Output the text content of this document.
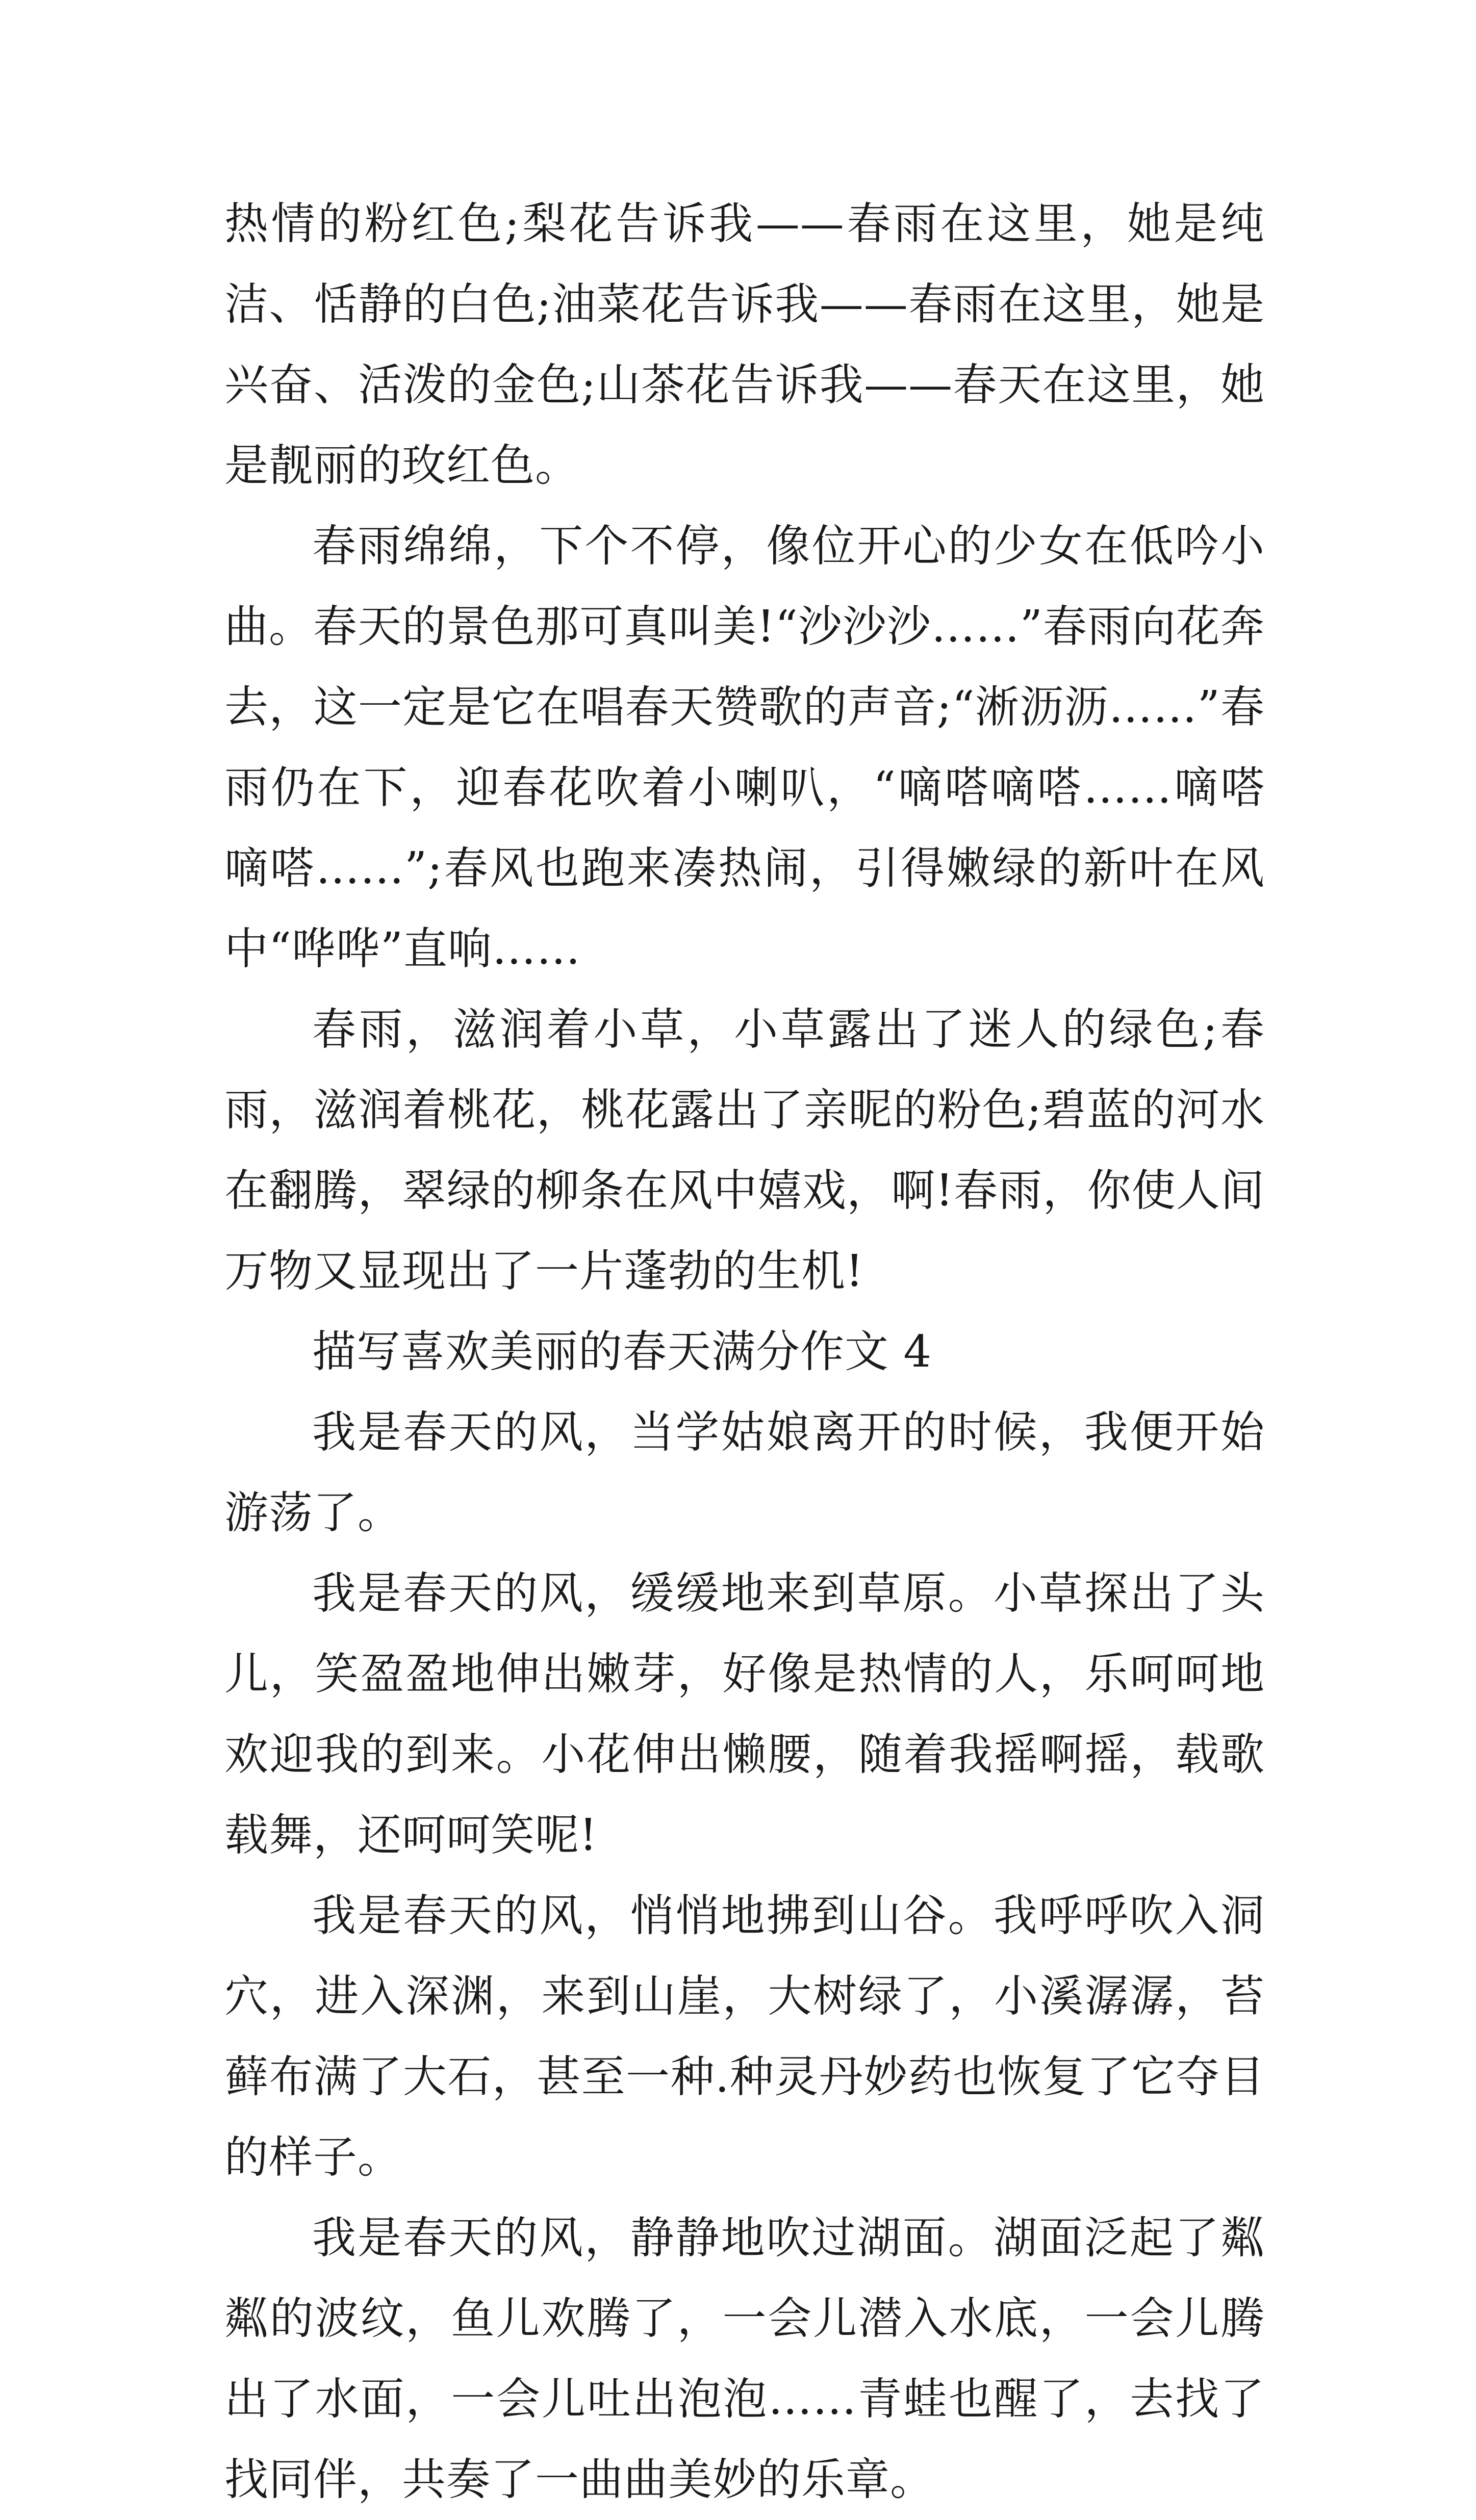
热情的粉红色;梨花告诉我——春雨在这里，她是纯洁、恬静的白色;油菜花告诉我——春雨在这里，她是兴奋、活泼的金色;山茶花告诉我——春天在这里，她是靓丽的玫红色。

春雨绵绵，下个不停，像位开心的少女在低吟小曲。春天的景色那可真叫美!“沙沙沙……”春雨向花奔去，这一定是它在唱春天赞歌的声音;“淅沥沥……”春雨仍在下，迎春花吹着小喇叭，“嘀嗒嘀嗒……嘀嗒嘀嗒……”;春风也跑来凑热闹，引得嫩绿的新叶在风中“哗哗”直响……

春雨，滋润着小草，小草露出了迷人的绿色;春雨，滋润着桃花，桃花露出了亲昵的粉色;碧蓝的河水在翻腾，翠绿的柳条在风中嬉戏，啊!春雨，你使人间万物又显现出了一片蓬勃的生机!

描写喜欢美丽的春天满分作文 4

我是春天的风，当学姑娘离开的时候，我便开始游荡了。

我是春天的风，缓缓地来到草原。小草探出了头儿，笑盈盈地伸出嫩芽，好像是热情的人，乐呵呵地欢迎我的到来。小花伸出懒腰，随着我摇啊摇，载歌载舞，还呵呵笑呢!

我是春天的风，悄悄地拂到山谷。我呼呼吹入洞穴，进入深渊，来到山崖，大树绿了，小溪潺潺，苔藓布满了大石，甚至一种.种灵丹妙药也恢复了它夺目的样子。

我是春天的风，静静地吹过湖面。湖面泛起了粼粼的波纹，鱼儿欢腾了，一会儿潜入水底，一会儿腾出了水面，一会儿吐出泡泡……青蛙也醒了，去找了找同伴，共奏了一曲曲美妙的乐章。
